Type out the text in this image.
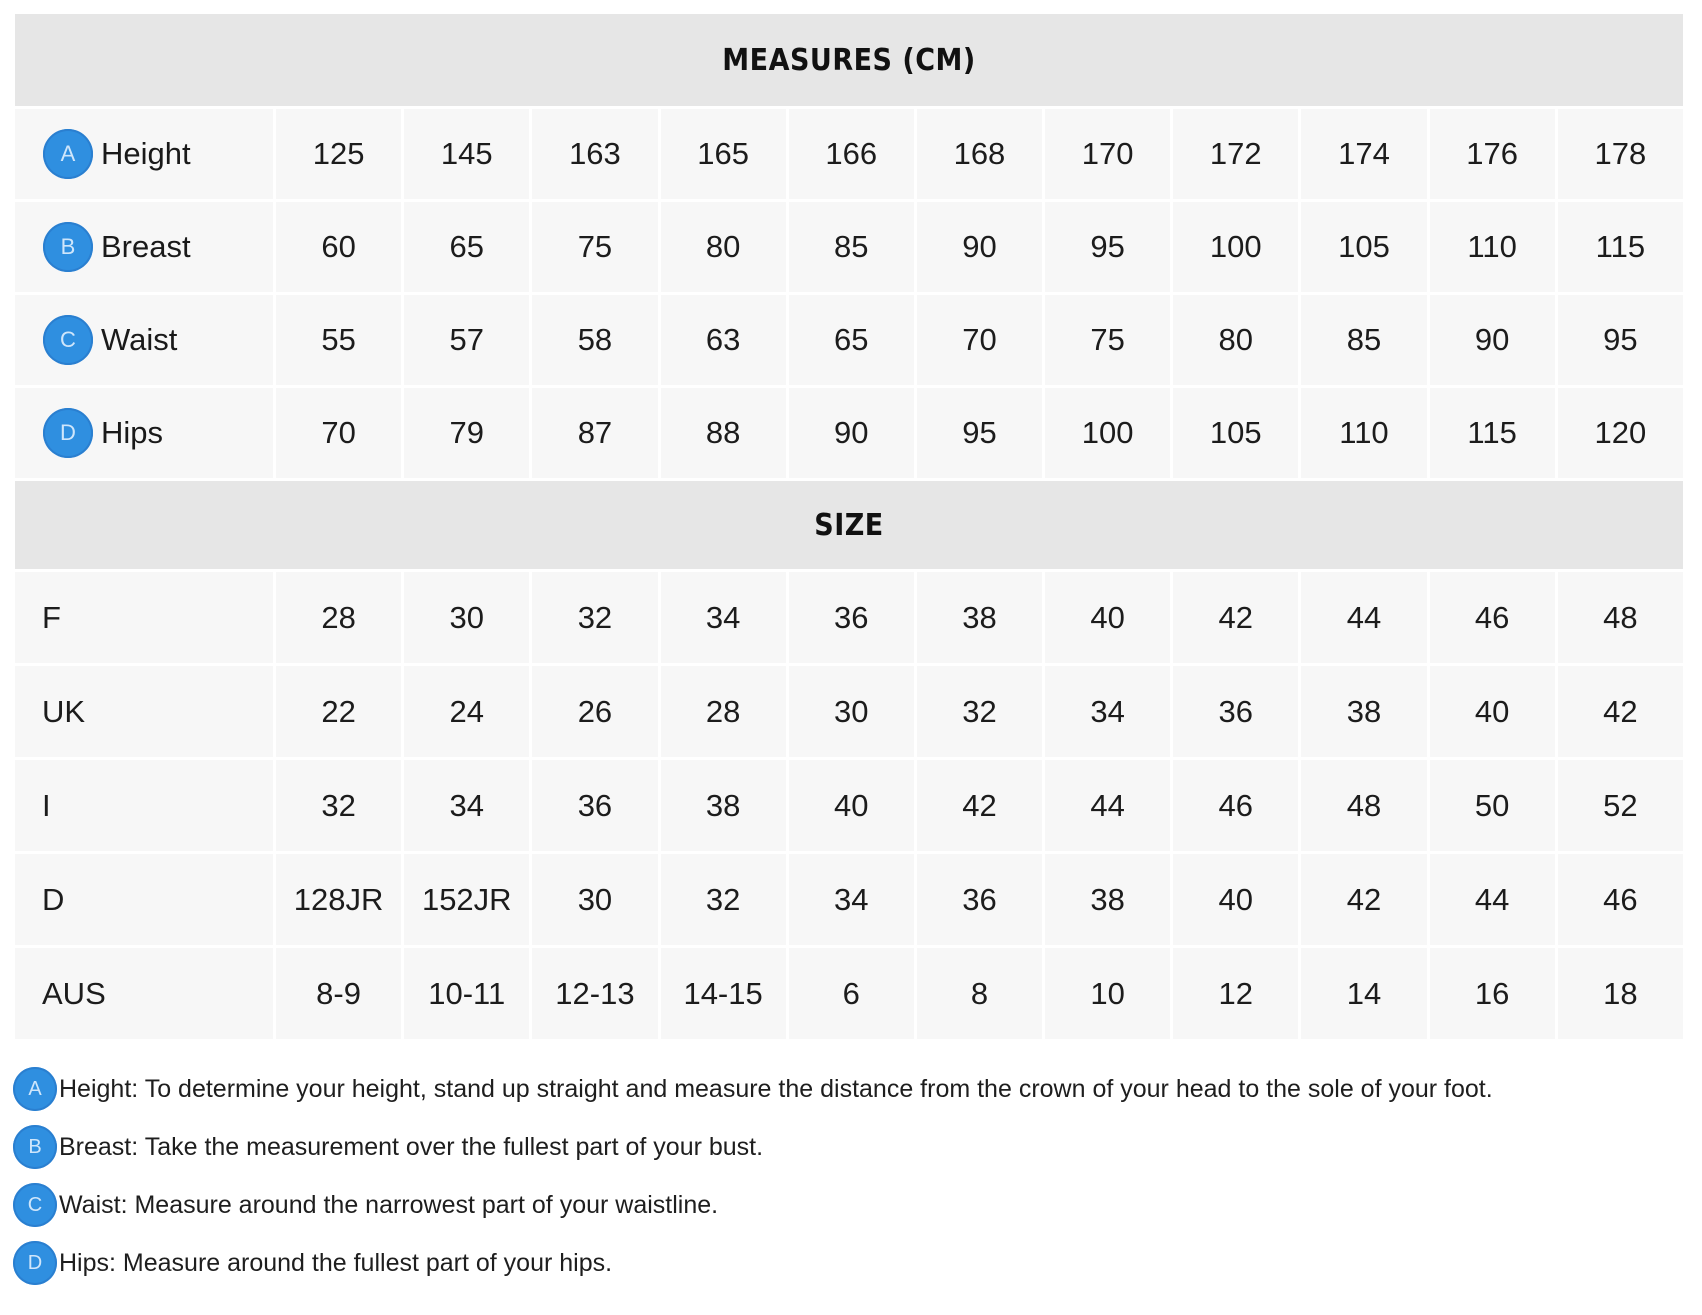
MEASURES (CM)											
A Height	125	145	163	165	166	168	170	172	174	176	178
B Breast	60	65	75	80	85	90	95	100	105	110	115
C Waist	55	57	58	63	65	70	75	80	85	90	95
D Hips	70	79	87	88	90	95	100	105	110	115	120
SIZE											
F	28	30	32	34	36	38	40	42	44	46	48
UK	22	24	26	28	30	32	34	36	38	40	42
I	32	34	36	38	40	42	44	46	48	50	52
D	128JR	152JR	30	32	34	36	38	40	42	44	46
AUS	8-9	10-11	12-13	14-15	6	8	10	12	14	16	18
A Height: To determine your height, stand up straight and measure the distance from the crown of your head to the sole of your foot.
B Breast: Take the measurement over the fullest part of your bust.
C Waist: Measure around the narrowest part of your waistline.
D Hips: Measure around the fullest part of your hips.
